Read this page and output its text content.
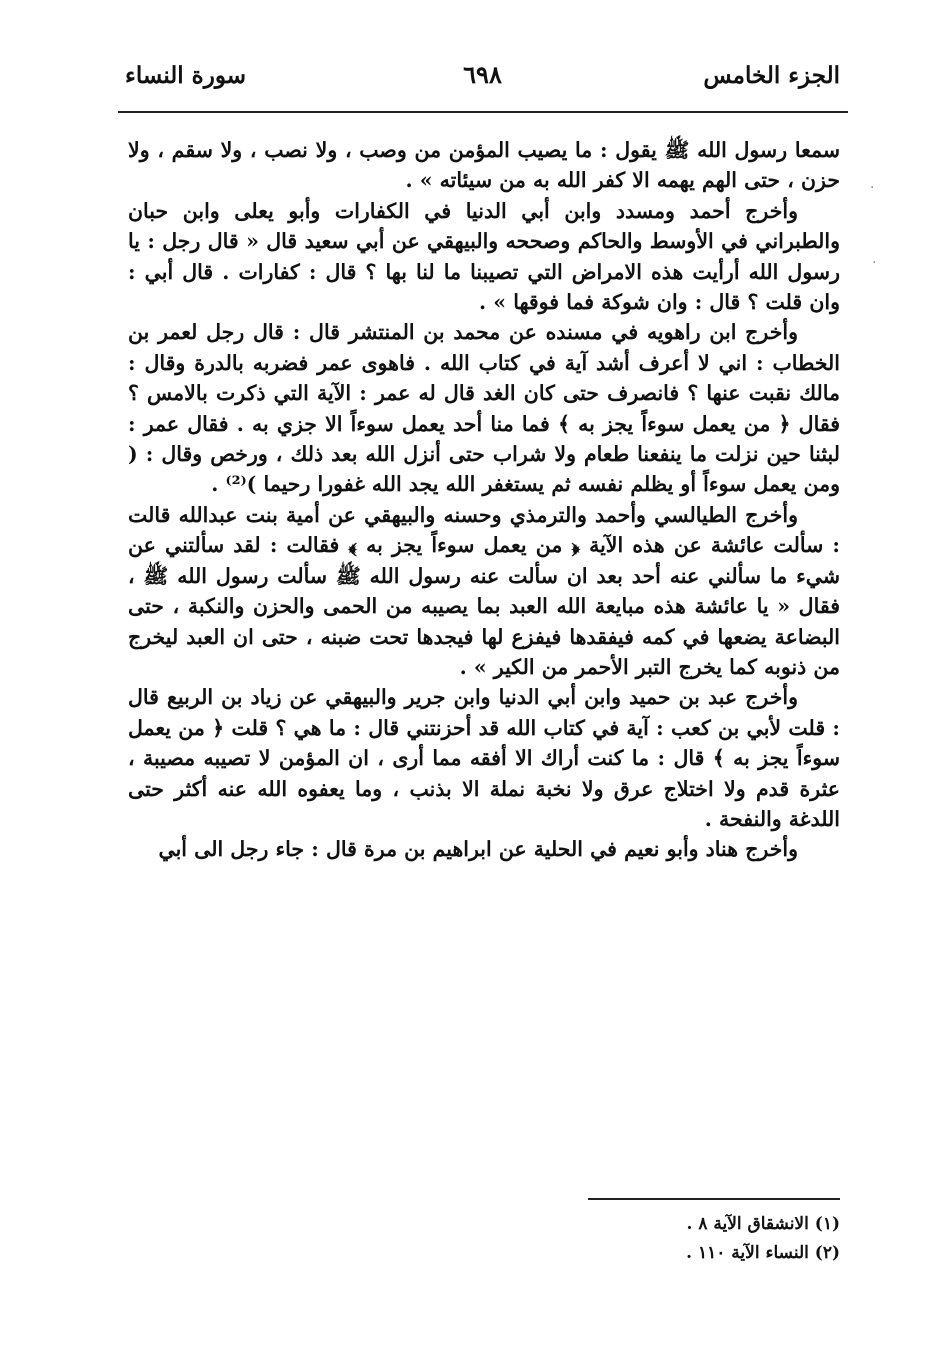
الجزء الخامس
٦٩٨
سورة النساء
·
·

سمعا رسول الله ﷺ يقول : ما يصيب المؤمن من وصب ، ولا نصب ، ولا سقم ، ولا حزن ، حتى الهم يهمه الا كفر الله به من سيئاته » .

وأخرج أحمد ومسدد وابن أبي الدنيا في الكفارات وأبو يعلى وابن حبان والطبراني في الأوسط والحاكم وصححه والبيهقي عن أبي سعيد قال « قال رجل : يا رسول الله أرأيت هذه الامراض التي تصيبنا ما لنا بها ؟ قال : كفارات . قال أبي : وان قلت ؟ قال : وان شوكة فما فوقها » .

وأخرج ابن راهويه في مسنده عن محمد بن المنتشر قال : قال رجل لعمر بن الخطاب : اني لا أعرف أشد آية في كتاب الله . فاهوى عمر فضربه بالدرة وقال : مالك نقبت عنها ؟ فانصرف حتى كان الغد قال له عمر : الآية التي ذكرت بالامس ؟ فقال ﴿ من يعمل سوءاً يجز به ﴾ فما منا أحد يعمل سوءاً الا جزي به . فقال عمر : لبثنا حين نزلت ما ينفعنا طعام ولا شراب حتى أنزل الله بعد ذلك ، ورخص وقال : ( ومن يعمل سوءاً أو يظلم نفسه ثم يستغفر الله يجد الله غفورا رحيما )⁽²⁾ .

وأخرج الطيالسي وأحمد والترمذي وحسنه والبيهقي عن أمية بنت عبدالله قالت : سألت عائشة عن هذه الآية ﴿ من يعمل سوءاً يجز به ﴾ فقالت : لقد سألتني عن شيء ما سألني عنه أحد بعد ان سألت عنه رسول الله ﷺ سألت رسول الله ﷺ ، فقال « يا عائشة هذه مبايعة الله العبد بما يصيبه من الحمى والحزن والنكبة ، حتى البضاعة يضعها في كمه فيفقدها فيفزع لها فيجدها تحت ضبنه ، حتى ان العبد ليخرج من ذنوبه كما يخرج التبر الأحمر من الكير » .

وأخرج عبد بن حميد وابن أبي الدنيا وابن جرير والبيهقي عن زياد بن الربيع قال : قلت لأبي بن كعب : آية في كتاب الله قد أحزنتني قال : ما هي ؟ قلت ﴿ من يعمل سوءاً يجز به ﴾ قال : ما كنت أراك الا أفقه مما أرى ، ان المؤمن لا تصيبه مصيبة ، عثرة قدم ولا اختلاج عرق ولا نخبة نملة الا بذنب ، وما يعفوه الله عنه أكثر حتى اللدغة والنفحة .

وأخرج هناد وأبو نعيم في الحلية عن ابراهيم بن مرة قال : جاء رجل الى أبي

(١) الانشقاق الآية ٨ .
(٢) النساء الآية ١١٠ .
